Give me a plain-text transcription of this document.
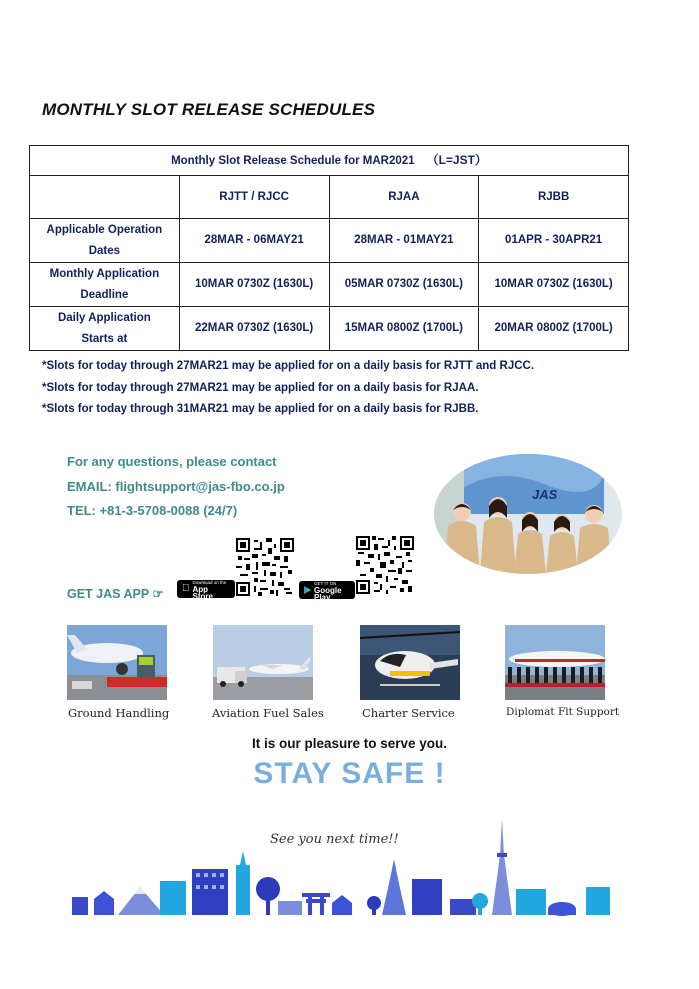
MONTHLY SLOT RELEASE SCHEDULES
Monthly Slot Release Schedule for MAR2021 （L=JST）			
	RJTT / RJCC	RJAA	RJBB
Applicable Operation
Dates	28MAR - 06MAY21	28MAR - 01MAY21	01APR - 30APR21
Monthly Application
Deadline	10MAR 0730Z (1630L)	05MAR 0730Z (1630L)	10MAR 0730Z (1630L)
Daily Application
Starts at	22MAR 0730Z (1630L)	15MAR 0800Z (1700L)	20MAR 0800Z (1700L)
*Slots for today through 27MAR21 may be applied for on a daily basis for RJTT and RJCC.
*Slots for today through 27MAR21 may be applied for on a daily basis for RJAA.
*Slots for today through 31MAR21 may be applied for on a daily basis for RJBB.
For any questions, please contact
EMAIL: flightsupport@jas-fbo.co.jp
TEL: +81-3-5708-0088 (24/7)
JAS
GET JAS APP ☞
Download on the
App Store
GET IT ON
Google Play
Ground Handling	Aviation Fuel Sales	Charter Service	Diplomat Flt Support
It is our pleasure to serve you.
STAY SAFE !
See you next time!!
